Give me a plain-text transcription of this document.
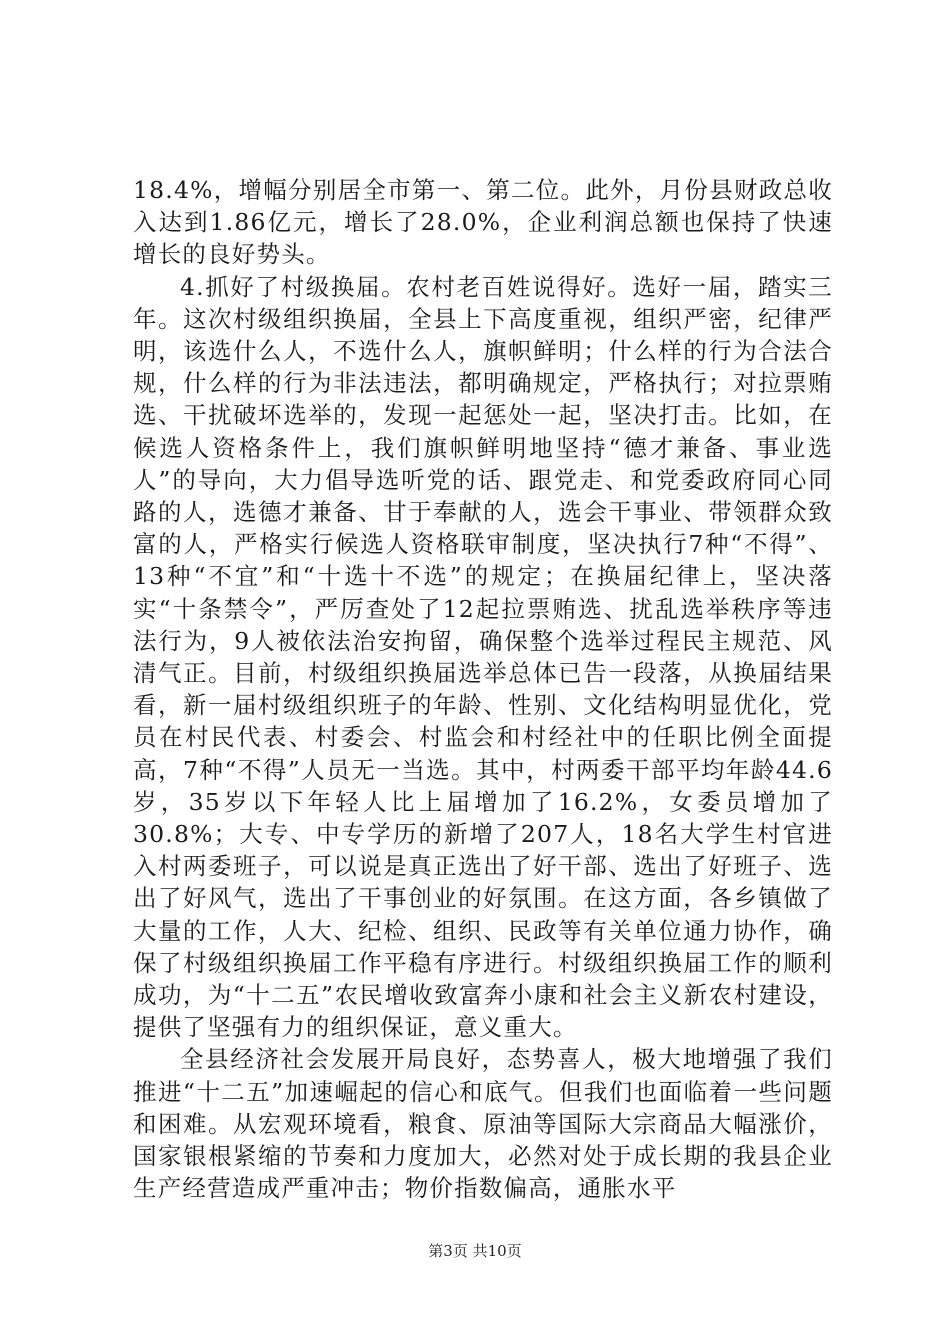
18.4%，增幅分别居全市第一、第二位。此外，月份县财政总收入达到1.86亿元，增长了28.0%，企业利润总额也保持了快速增长的良好势头。

4.抓好了村级换届。农村老百姓说得好。选好一届，踏实三年。这次村级组织换届，全县上下高度重视，组织严密，纪律严明，该选什么人，不选什么人，旗帜鲜明；什么样的行为合法合规，什么样的行为非法违法，都明确规定，严格执行；对拉票贿选、干扰破坏选举的，发现一起惩处一起，坚决打击。比如，在候选人资格条件上，我们旗帜鲜明地坚持“德才兼备、事业选人”的导向，大力倡导选听党的话、跟党走、和党委政府同心同路的人，选德才兼备、甘于奉献的人，选会干事业、带领群众致富的人，严格实行候选人资格联审制度，坚决执行7种“不得”、13种“不宜”和“十选十不选”的规定；在换届纪律上，坚决落实“十条禁令”，严厉查处了12起拉票贿选、扰乱选举秩序等违法行为，9人被依法治安拘留，确保整个选举过程民主规范、风清气正。目前，村级组织换届选举总体已告一段落，从换届结果看，新一届村级组织班子的年龄、性别、文化结构明显优化，党员在村民代表、村委会、村监会和村经社中的任职比例全面提高，7种“不得”人员无一当选。其中，村两委干部平均年龄44.6岁，35岁以下年轻人比上届增加了16.2%，女委员增加了30.8%；大专、中专学历的新增了207人，18名大学生村官进入村两委班子，可以说是真正选出了好干部、选出了好班子、选出了好风气，选出了干事创业的好氛围。在这方面，各乡镇做了大量的工作，人大、纪检、组织、民政等有关单位通力协作，确保了村级组织换届工作平稳有序进行。村级组织换届工作的顺利成功，为“十二五”农民增收致富奔小康和社会主义新农村建设，提供了坚强有力的组织保证，意义重大。

全县经济社会发展开局良好，态势喜人，极大地增强了我们推进“十二五”加速崛起的信心和底气。但我们也面临着一些问题和困难。从宏观环境看，粮食、原油等国际大宗商品大幅涨价，国家银根紧缩的节奏和力度加大，必然对处于成长期的我县企业生产经营造成严重冲击；物价指数偏高，通胀水平

第3页 共10页
